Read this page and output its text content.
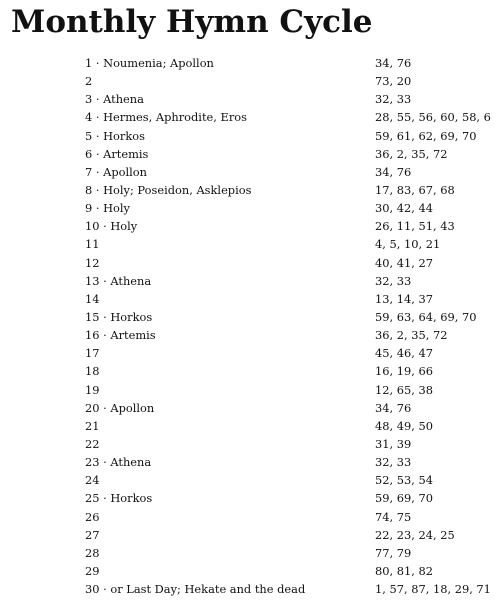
Monthly Hymn Cycle
1 · Noumenia; Apollon	34, 76
2	73, 20
3 · Athena	32, 33
4 · Hermes, Aphrodite, Eros	28, 55, 56, 60, 58, 6
5 · Horkos	59, 61, 62, 69, 70
6 · Artemis	36, 2, 35, 72
7 · Apollon	34, 76
8 · Holy; Poseidon, Asklepios	17, 83, 67, 68
9 · Holy	30, 42, 44
10 · Holy	26, 11, 51, 43
11	4, 5, 10, 21
12	40, 41, 27
13 · Athena	32, 33
14	13, 14, 37
15 · Horkos	59, 63, 64, 69, 70
16 · Artemis	36, 2, 35, 72
17	45, 46, 47
18	16, 19, 66
19	12, 65, 38
20 · Apollon	34, 76
21	48, 49, 50
22	31, 39
23 · Athena	32, 33
24	52, 53, 54
25 · Horkos	59, 69, 70
26	74, 75
27	22, 23, 24, 25
28	77, 79
29	80, 81, 82
30 · or Last Day; Hekate and the dead	1, 57, 87, 18, 29, 71
